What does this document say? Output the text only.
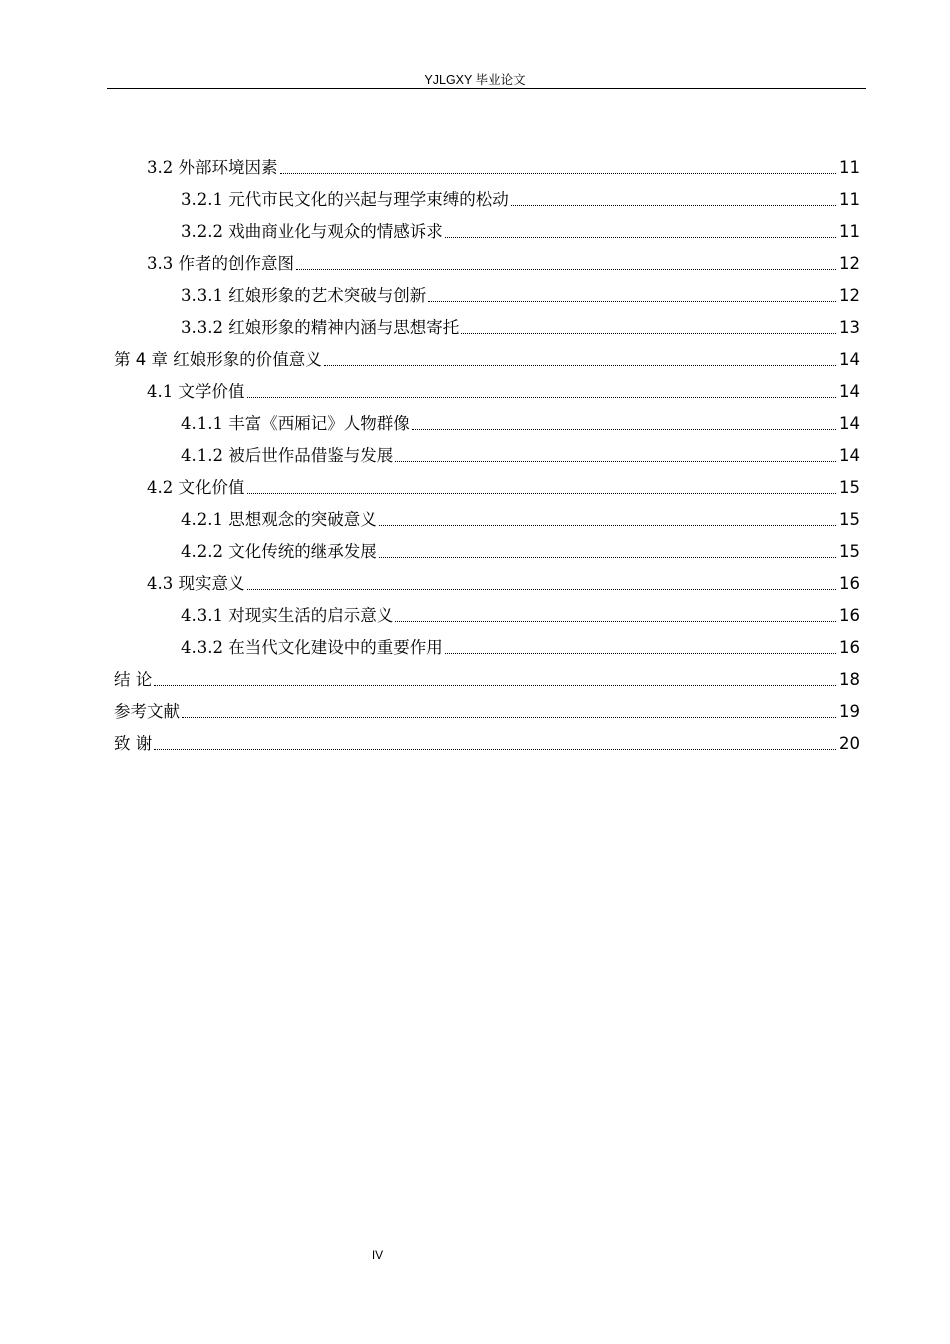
YJLGXY 毕业论文
3.2 外部环境因素	11
3.2.1 元代市民文化的兴起与理学束缚的松动	11
3.2.2 戏曲商业化与观众的情感诉求	11
3.3 作者的创作意图	12
3.3.1 红娘形象的艺术突破与创新	12
3.3.2 红娘形象的精神内涵与思想寄托	13
第 4 章 红娘形象的价值意义	14
4.1 文学价值	14
4.1.1 丰富《西厢记》人物群像	14
4.1.2 被后世作品借鉴与发展	14
4.2 文化价值	15
4.2.1 思想观念的突破意义	15
4.2.2 文化传统的继承发展	15
4.3 现实意义	16
4.3.1 对现实生活的启示意义	16
4.3.2 在当代文化建设中的重要作用	16
结 论	18
参考文献	19
致 谢	20
IV
